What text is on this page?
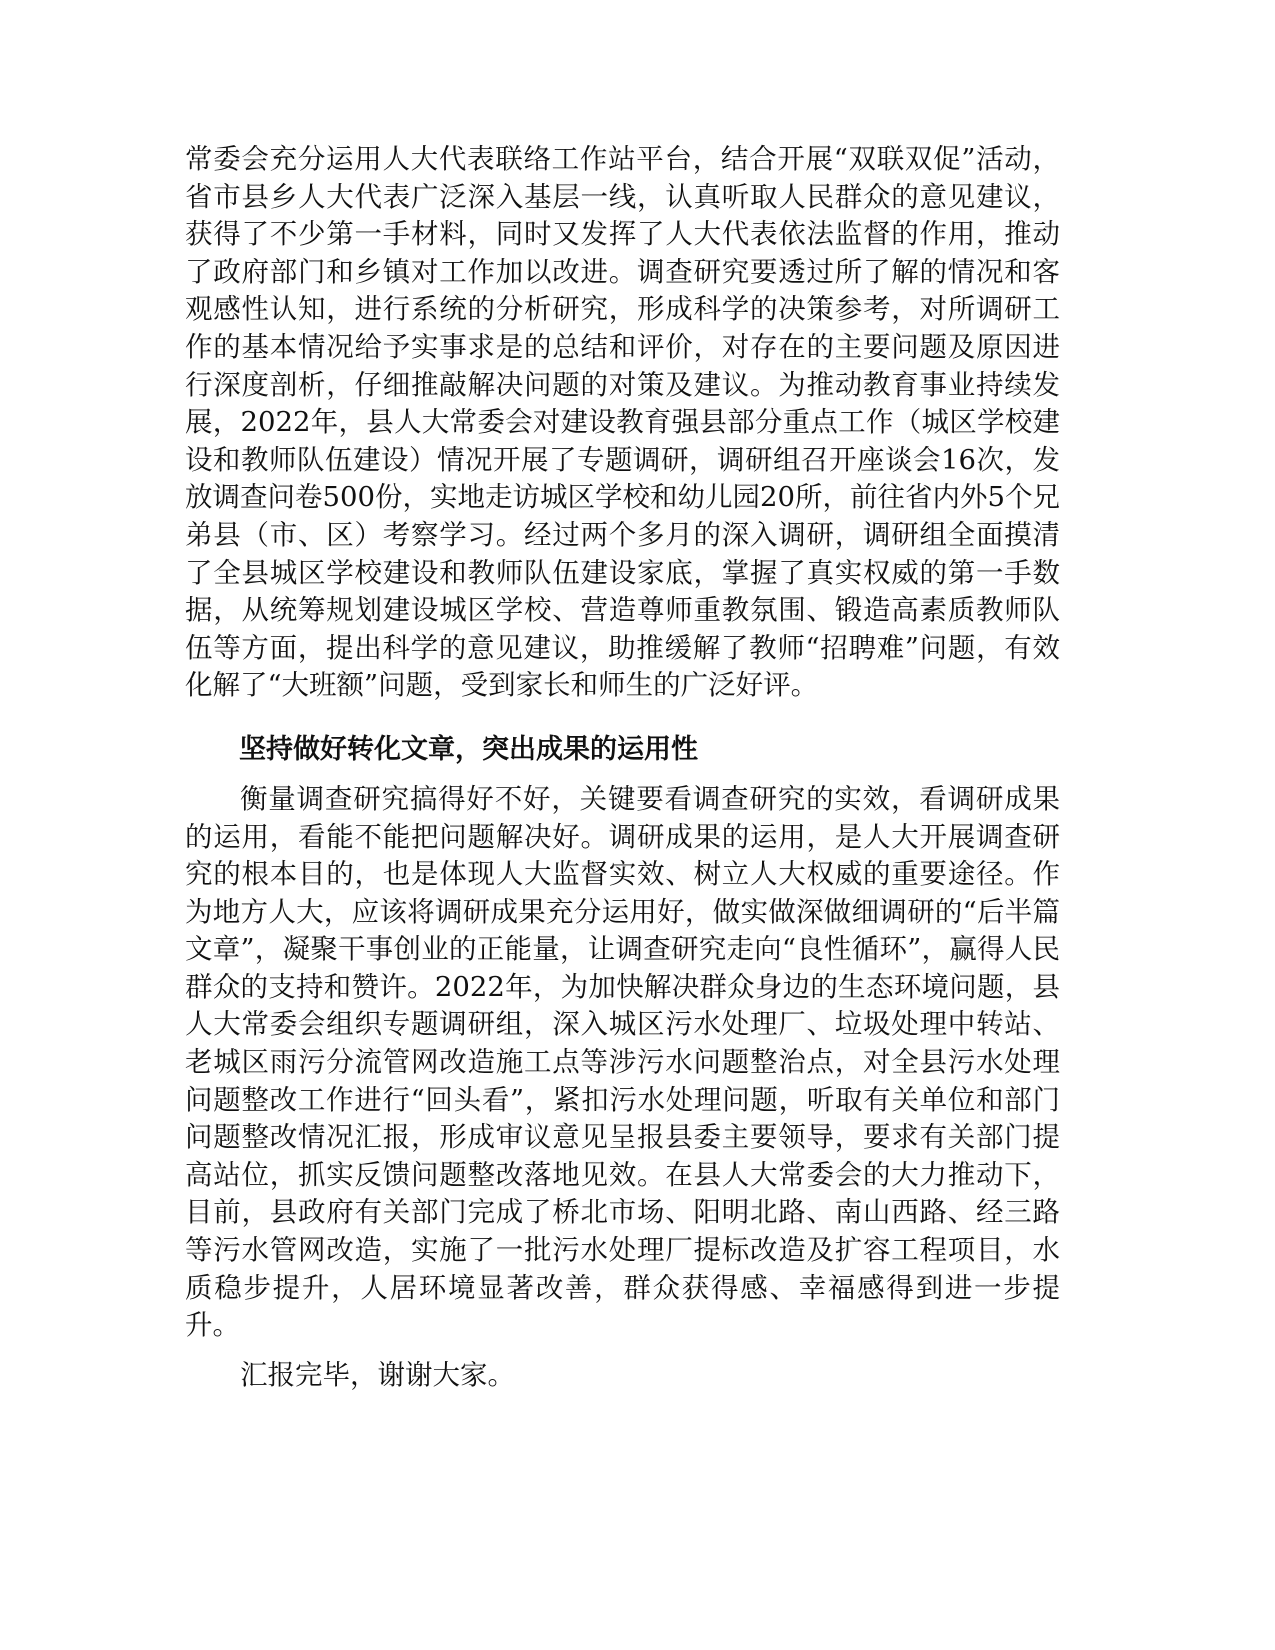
常委会充分运用人大代表联络工作站平台，结合开展“双联双促”活动，省市县乡人大代表广泛深入基层一线，认真听取人民群众的意见建议，获得了不少第一手材料，同时又发挥了人大代表依法监督的作用，推动了政府部门和乡镇对工作加以改进。调查研究要透过所了解的情况和客观感性认知，进行系统的分析研究，形成科学的决策参考，对所调研工作的基本情况给予实事求是的总结和评价，对存在的主要问题及原因进行深度剖析，仔细推敲解决问题的对策及建议。为推动教育事业持续发展，2022年，县人大常委会对建设教育强县部分重点工作（城区学校建设和教师队伍建设）情况开展了专题调研，调研组召开座谈会16次，发放调查问卷500份，实地走访城区学校和幼儿园20所，前往省内外5个兄弟县（市、区）考察学习。经过两个多月的深入调研，调研组全面摸清了全县城区学校建设和教师队伍建设家底，掌握了真实权威的第一手数据，从统筹规划建设城区学校、营造尊师重教氛围、锻造高素质教师队伍等方面，提出科学的意见建议，助推缓解了教师“招聘难”问题，有效化解了“大班额”问题，受到家长和师生的广泛好评。

坚持做好转化文章，突出成果的运用性

衡量调查研究搞得好不好，关键要看调查研究的实效，看调研成果的运用，看能不能把问题解决好。调研成果的运用，是人大开展调查研究的根本目的，也是体现人大监督实效、树立人大权威的重要途径。作为地方人大，应该将调研成果充分运用好，做实做深做细调研的“后半篇文章”，凝聚干事创业的正能量，让调查研究走向“良性循环”，赢得人民群众的支持和赞许。2022年，为加快解决群众身边的生态环境问题，县人大常委会组织专题调研组，深入城区污水处理厂、垃圾处理中转站、老城区雨污分流管网改造施工点等涉污水问题整治点，对全县污水处理问题整改工作进行“回头看”，紧扣污水处理问题，听取有关单位和部门问题整改情况汇报，形成审议意见呈报县委主要领导，要求有关部门提高站位，抓实反馈问题整改落地见效。在县人大常委会的大力推动下，目前，县政府有关部门完成了桥北市场、阳明北路、南山西路、经三路等污水管网改造，实施了一批污水处理厂提标改造及扩容工程项目，水质稳步提升，人居环境显著改善，群众获得感、幸福感得到进一步提升。

汇报完毕，谢谢大家。
